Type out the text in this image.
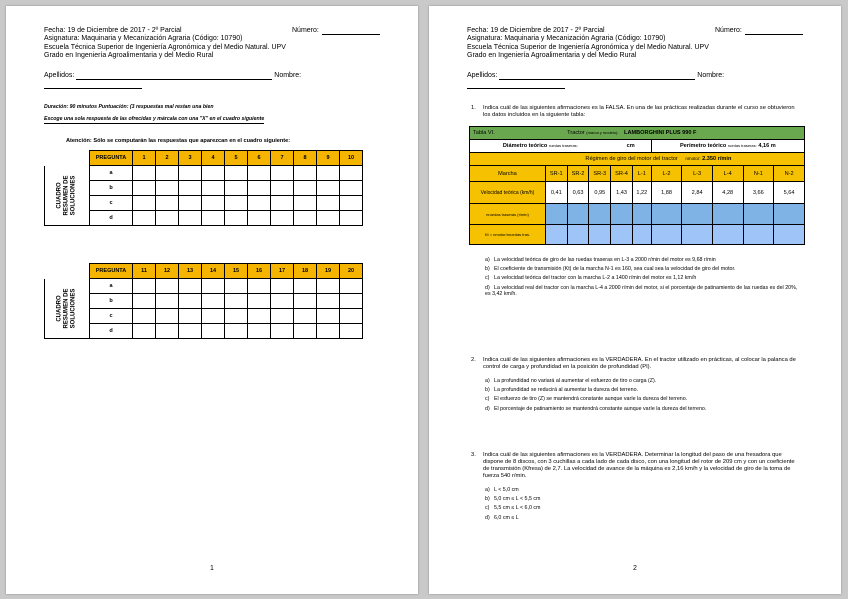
Fecha: 19 de Diciembre de 2017 - 2º Parcial	Número:
Asignatura: Maquinaria y Mecanización Agraria (Código: 10790)
Escuela Técnica Superior de Ingeniería Agronómica y del Medio Natural. UPV
Grado en Ingeniería Agroalimentaria y del Medio Rural
Apellidos:	Nombre:
Duración: 90 minutos Puntuación: (3 respuestas mal restan una bien
Escoge una sola respuesta de las ofrecidas y márcala con una "X" en el cuadro siguiente
Atención: Sólo se computarán las respuestas que aparezcan en el cuadro siguiente:
	PREGUNTA	1	2	3	4	5	6	7	8	9	10
CUADRO
RESUMEN DE
SOLUCIONES	a										
	b										
	c										
	d										
	PREGUNTA	11	12	13	14	15	16	17	18	19	20
CUADRO
RESUMEN DE
SOLUCIONES	a										
	b										
	c										
	d										
1
Fecha: 19 de Diciembre de 2017 - 2º Parcial	Número:
Asignatura: Maquinaria y Mecanización Agraria (Código: 10790)
Escuela Técnica Superior de Ingeniería Agronómica y del Medio Natural. UPV
Grado en Ingeniería Agroalimentaria y del Medio Rural
Apellidos:	Nombre:
1. Indica cuál de las siguientes afirmaciones es la FALSA. En una de las prácticas realizadas durante el curso se obtuvieron los datos incluidos en la siguiente tabla:
Tabla VI.		Tractor (marca y modelo): LAMBORGHINI PLUS 990 F								
Diámetro teórico ruedas traseras:				cm		Perímetro teórico ruedas traseras: 4,16 m				
	Régimen de giro del motor del tractor nmotor: 2.350 r/min									
Marcha	SR-1	SR-2	SR-3	SR-4	L-1	L-2	L-3	L-4	N-1	N-2
Velocidad teórica (km/h)	0,41	0,63	0,95	1,43	1,22	1,88	2,84	4,28	3,66	5,64
nruedas traseras (r/min)										
Kt = nmotor/nruedas tras.										
a) La velocidad teórica de giro de las ruedas traseras en L-3 a 2000 r/min del motor es 9,68 r/min
b) El coeficiente de transmisión (Kt) de la marcha N-1 es 160, sea cual sea la velocidad de giro del motor.
c) La velocidad teórica del tractor con la marcha L-2 a 1400 r/min del motor es 1,12 km/h
d) La velocidad real del tractor con la marcha L-4 a 2000 r/min del motor, si el porcentaje de patinamiento de las ruedas es del 20%, es 3,42 km/h.
2. Indica cuál de las siguientes afirmaciones es la VERDADERA. En el tractor utilizado en prácticas, al colocar la palanca de control de carga y profundidad en la posición de profundidad (PI).
a) La profundidad no variará al aumentar el esfuerzo de tiro o carga (Z).
b) La profundidad se reducirá al aumentar la dureza del terreno.
c) El esfuerzo de tiro (Z) se mantendrá constante aunque varíe la dureza del terreno.
d) El porcentaje de patinamiento se mantendrá constante aunque varíe la dureza del terreno.
3. Indica cuál de las siguientes afirmaciones es la VERDADERA. Determinar la longitud del paso de una fresadora que dispone de 8 discos, con 3 cuchillas a cada lado de cada disco, con una longitud del rotor de 209 cm y con un coeficiente de transmisión (Kfresa) de 2,7. La velocidad de avance de la máquina es 2,16 km/h y la velocidad de giro de la toma de fuerza 540 r/min.
a) L < 5,0 cm
b) 5,0 cm ≤ L < 5,5 cm
c) 5,5 cm ≤ L < 6,0 cm
d) 6,0 cm ≤ L
2
